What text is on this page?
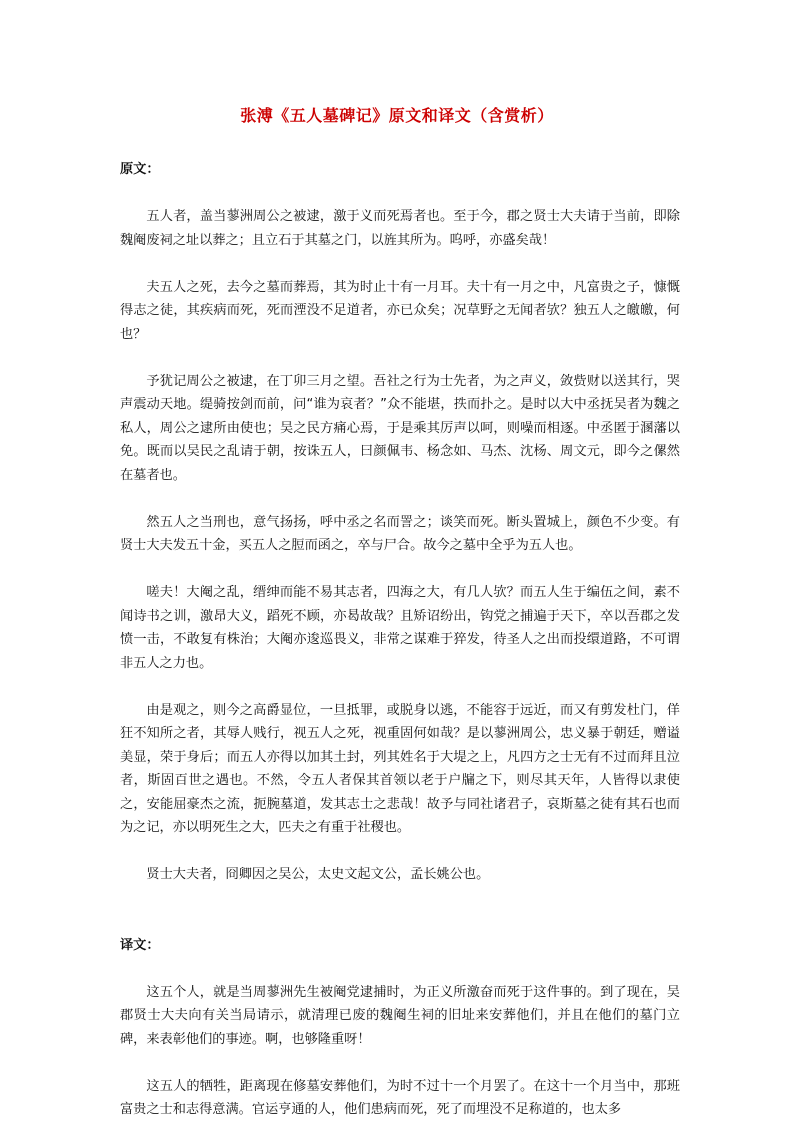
张溥《五人墓碑记》原文和译文（含赏析）
原文：

五人者，盖当蓼洲周公之被逮，激于义而死焉者也。至于今，郡之贤士大夫请于当前，即除魏阉废祠之址以葬之；且立石于其墓之门，以旌其所为。呜呼，亦盛矣哉！

夫五人之死，去今之墓而葬焉，其为时止十有一月耳。夫十有一月之中，凡富贵之子，慷慨得志之徒，其疾病而死，死而湮没不足道者，亦已众矣；况草野之无闻者欤？独五人之皦皦，何也？

予犹记周公之被逮，在丁卯三月之望。吾社之行为士先者，为之声义，敛赀财以送其行，哭声震动天地。缇骑按剑而前，问“谁为哀者？”众不能堪，抶而扑之。是时以大中丞抚吴者为魏之私人，周公之逮所由使也；吴之民方痛心焉，于是乘其厉声以呵，则噪而相逐。中丞匿于溷藩以免。既而以吴民之乱请于朝，按诛五人，曰颜佩韦、杨念如、马杰、沈杨、周文元，即今之傫然在墓者也。

然五人之当刑也，意气扬扬，呼中丞之名而詈之；谈笑而死。断头置城上，颜色不少变。有贤士大夫发五十金，买五人之脰而函之，卒与尸合。故今之墓中全乎为五人也。

嗟夫！大阉之乱，缙绅而能不易其志者，四海之大，有几人欤？而五人生于编伍之间，素不闻诗书之训，激昂大义，蹈死不顾，亦曷故哉？且矫诏纷出，钩党之捕遍于天下，卒以吾郡之发愤一击，不敢复有株治；大阉亦逡巡畏义，非常之谋难于猝发，待圣人之出而投缳道路，不可谓非五人之力也。

由是观之，则今之高爵显位，一旦抵罪，或脱身以逃，不能容于远近，而又有剪发杜门，佯狂不知所之者，其辱人贱行，视五人之死，视重固何如哉？是以蓼洲周公，忠义暴于朝廷，赠谥美显，荣于身后；而五人亦得以加其土封，列其姓名于大堤之上，凡四方之士无有不过而拜且泣者，斯固百世之遇也。不然，令五人者保其首领以老于户牖之下，则尽其天年，人皆得以隶使之，安能屈豪杰之流，扼腕墓道，发其志士之悲哉！故予与同社诸君子，哀斯墓之徒有其石也而为之记，亦以明死生之大，匹夫之有重于社稷也。

贤士大夫者，冏卿因之吴公，太史文起文公，孟长姚公也。

译文：

这五个人，就是当周蓼洲先生被阉党逮捕时，为正义所激奋而死于这件事的。到了现在，吴郡贤士大夫向有关当局请示，就清理已废的魏阉生祠的旧址来安葬他们，并且在他们的墓门立碑，来表彰他们的事迹。啊，也够隆重呀！

这五人的牺牲，距离现在修墓安葬他们，为时不过十一个月罢了。在这十一个月当中，那班富贵之士和志得意满。官运亨通的人，他们患病而死，死了而埋没不足称道的，也太多
